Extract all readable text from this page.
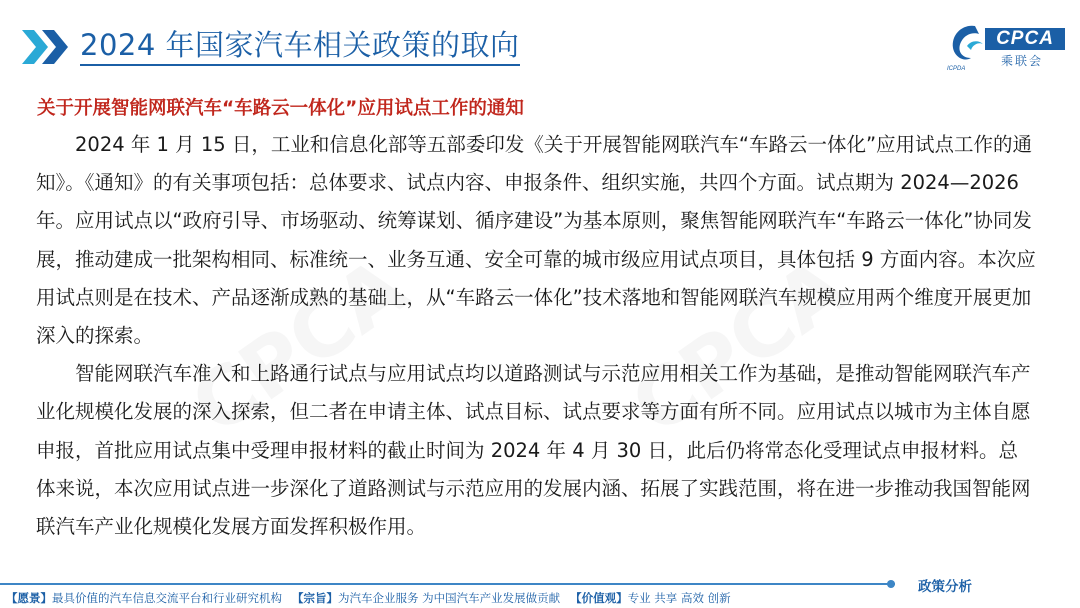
2024 年国家汽车相关政策的取向	CPCA
乘联会
ICPDA
关于开展智能网联汽车“车路云一体化”应用试点工作的通知

2024 年 1 月 15 日，工业和信息化部等五部委印发《关于开展智能网联汽车“车路云一体化”应用试点工作的通知》。《通知》的有关事项包括：总体要求、试点内容、申报条件、组织实施，共四个方面。试点期为 2024—2026 年。应用试点以“政府引导、市场驱动、统筹谋划、循序建设”为基本原则，聚焦智能网联汽车“车路云一体化”协同发展，推动建成一批架构相同、标准统一、业务互通、安全可靠的城市级应用试点项目，具体包括 9 方面内容。本次应用试点则是在技术、产品逐渐成熟的基础上，从“车路云一体化”技术落地和智能网联汽车规模应用两个维度开展更加深入的探索。

智能网联汽车准入和上路通行试点与应用试点均以道路测试与示范应用相关工作为基础，是推动智能网联汽车产业化规模化发展的深入探索，但二者在申请主体、试点目标、试点要求等方面有所不同。应用试点以城市为主体自愿申报，首批应用试点集中受理申报材料的截止时间为 2024 年 4 月 30 日，此后仍将常态化受理试点申报材料。总体来说，本次应用试点进一步深化了道路测试与示范应用的发展内涵、拓展了实践范围，将在进一步推动我国智能网联汽车产业化规模化发展方面发挥积极作用。

政策分析
【愿景】最具价值的汽车信息交流平台和行业研究机构 【宗旨】为汽车企业服务 为中国汽车产业发展做贡献 【价值观】专业 共享 高效 创新
